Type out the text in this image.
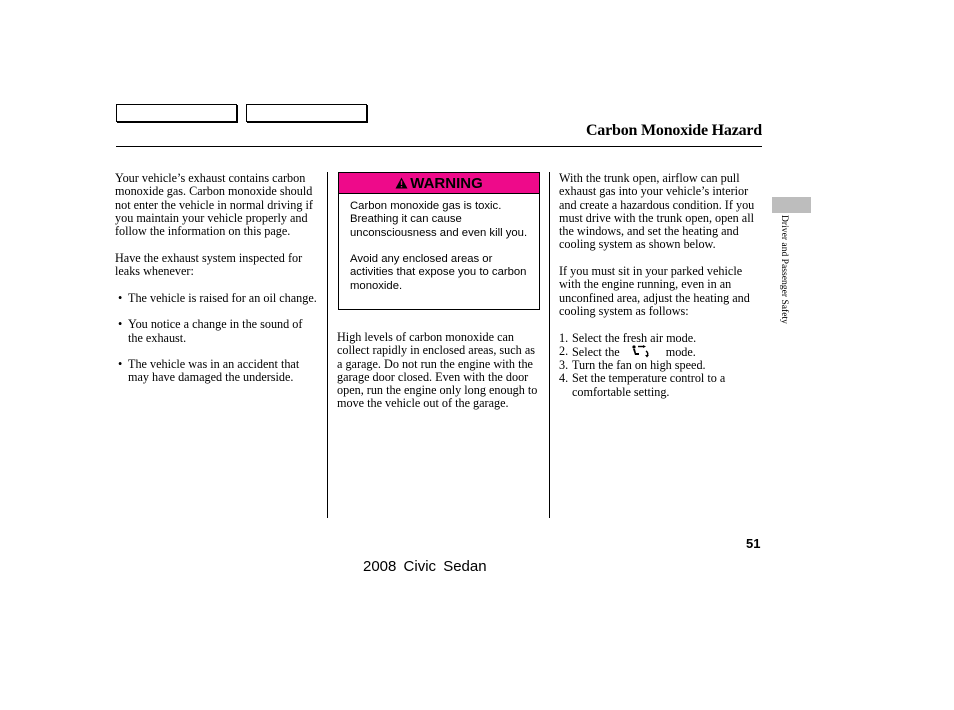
Carbon Monoxide Hazard

Your vehicle’s exhaust contains carbon monoxide gas. Carbon monoxide should not enter the vehicle in normal driving if you maintain your vehicle properly and follow the information on this page.

Have the exhaust system inspected for leaks whenever:

• The vehicle is raised for an oil change.
• You notice a change in the sound of the exhaust.
• The vehicle was in an accident that may have damaged the underside.
WARNING

Carbon monoxide gas is toxic. Breathing it can cause unconsciousness and even kill you.

Avoid any enclosed areas or activities that expose you to carbon monoxide.

High levels of carbon monoxide can collect rapidly in enclosed areas, such as a garage. Do not run the engine with the garage door closed. Even with the door open, run the engine only long enough to move the vehicle out of the garage.

With the trunk open, airflow can pull exhaust gas into your vehicle’s interior and create a hazardous condition. If you must drive with the trunk open, open all the windows, and set the heating and cooling system as shown below.

If you must sit in your parked vehicle with the engine running, even in an unconfined area, adjust the heating and cooling system as follows:

1. Select the fresh air mode.
2. Select the	mode.
3. Turn the fan on high speed.
4. Set the temperature control to a comfortable setting.
Driver and Passenger Safety
51
2008 Civic Sedan
